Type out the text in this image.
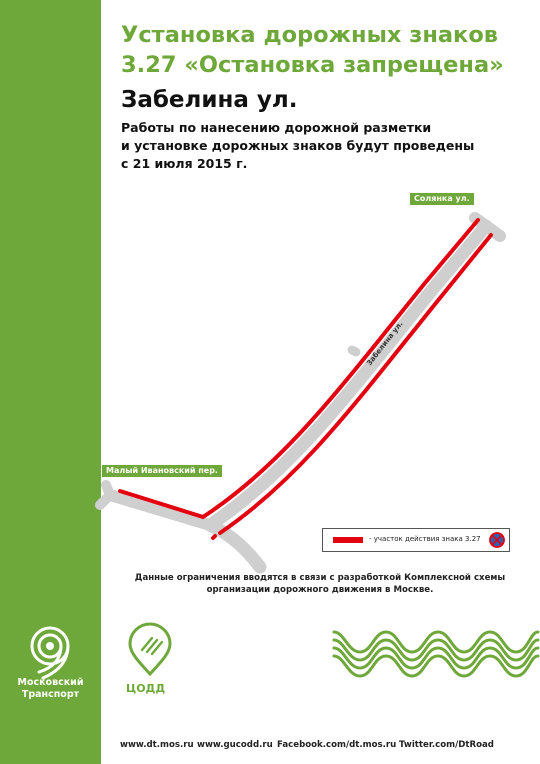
Московский
Транспорт
Установка дорожных знаков
3.27 «Остановка запрещена»
Забелина ул.
Работы по нанесению дорожной разметки
и установке дорожных знаков будут проведены
с 21 июля 2015 г.
Забелина ул.
Солянка ул.
Малый Ивановский пер.
- участок действия знака 3.27
Данные ограничения вводятся в связи с разработкой Комплексной схемы
организации дорожного движения в Москве.
ЦОДД
www.dt.mos.ru www.gucodd.ru Facebook.com/dt.mos.ru Twitter.com/DtRoad
